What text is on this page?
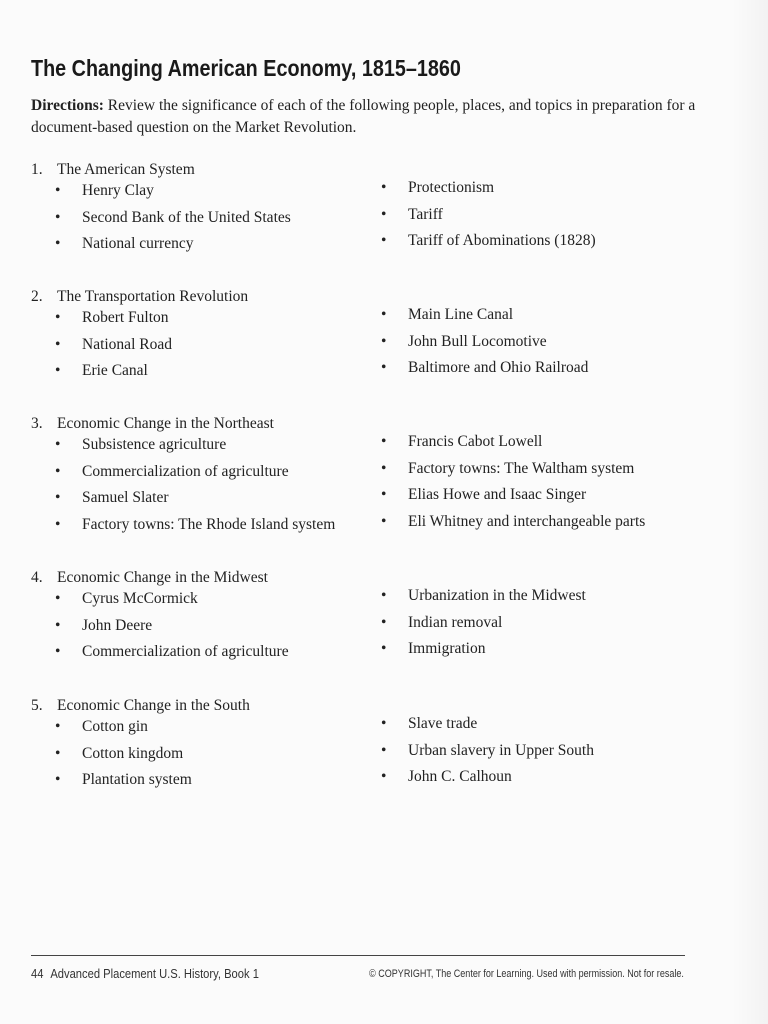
The Changing American Economy, 1815–1860
Directions: Review the significance of each of the following people, places, and topics in preparation for a document-based question on the Market Revolution.
1. The American System
• Henry Clay
• Second Bank of the United States
• National currency
• Protectionism
• Tariff
• Tariff of Abominations (1828)
2. The Transportation Revolution
• Robert Fulton
• National Road
• Erie Canal
• Main Line Canal
• John Bull Locomotive
• Baltimore and Ohio Railroad
3. Economic Change in the Northeast
• Subsistence agriculture
• Commercialization of agriculture
• Samuel Slater
• Factory towns: The Rhode Island system
• Francis Cabot Lowell
• Factory towns: The Waltham system
• Elias Howe and Isaac Singer
• Eli Whitney and interchangeable parts
4. Economic Change in the Midwest
• Cyrus McCormick
• John Deere
• Commercialization of agriculture
• Urbanization in the Midwest
• Indian removal
• Immigration
5. Economic Change in the South
• Cotton gin
• Cotton kingdom
• Plantation system
• Slave trade
• Urban slavery in Upper South
• John C. Calhoun
44 Advanced Placement U.S. History, Book 1	© COPYRIGHT, The Center for Learning. Used with permission. Not for resale.
